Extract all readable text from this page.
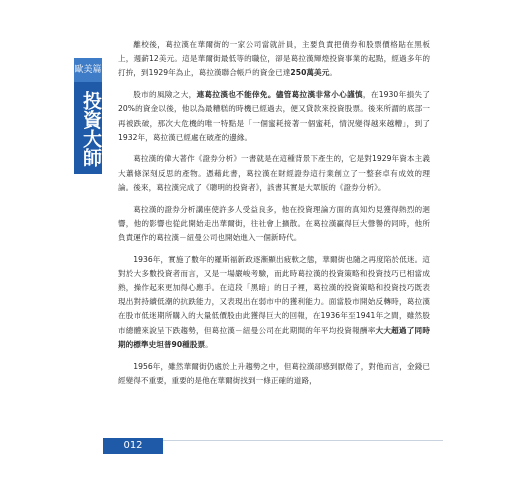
歐美篇
投資大師

離校後，葛拉漢在華爾街的一家公司當就計員，主要負責把債券和股票價格貼在黑板上，週薪12美元。這是華爾街最低等的職位，卻是葛拉漢輝煌投資事業的起點，經過多年的打拚，到1929年為止，葛拉漢聯合帳戶的資金已達250萬美元。

股市的風險之大，連葛拉漢也不能倖免。儘管葛拉漢非常小心謹慎，在1930年損失了20%的資金以後，他以為最糟糕的時機已經過去，便又貸款來投資股票。後來所謂的底部一再被跌破，那次大危機的唯一特點是「一個蜜耗接著一個蜜耗，情況變得越來越糟」，到了1932年，葛拉漢已經處在破產的邊緣。

葛拉漢的偉大著作《證券分析》一書就是在這種背景下產生的，它是對1929年資本主義大蕭條深刻反思的產物。憑藉此書，葛拉漢在財經證券這行業創立了一整套卓有成效的理論。後來，葛拉漢完成了《聰明的投資者》，該書其實是大眾版的《證券分析》。

葛拉漢的證券分析講座使許多人受益良多，他在投資理論方面的真知灼見獲得熱烈的迴響，他的影響也從此開始走出華爾街，往社會上擴散。在葛拉漢贏得巨大聲譽的同時，他所負責運作的葛拉漢－紐曼公司也開始進入一個新時代。

1936年，實施了數年的羅斯福新政逐漸顯出疲軟之態，華爾街也隨之再度陷於低迷。這對於大多數投資者而言，又是一場嚴峻考驗，而此時葛拉漢的投資策略和投資技巧已相當成熟，操作起來更加得心應手。在這段「黑暗」的日子裡，葛拉漢的投資策略和投資技巧既表現出對持續低潮的抗跌能力，又表現出在弱市中的獲利能力。面當股市開始反轉時，葛拉漢在股市低迷期所購入的大量低價股由此獲得巨大的回報，在1936年至1941年之間，雖然股市總體來說呈下跌趨勢，但葛拉漢－紐曼公司在此期間的年平均投資報酬率大大超過了同時期的標準史坦普90種股票。

1956年，雖然華爾街仍處於上升趨勢之中，但葛拉漢卻感到厭倦了，對他而言，金錢已經變得不重要，重要的是他在華爾街找到一條正確的道路，

012
